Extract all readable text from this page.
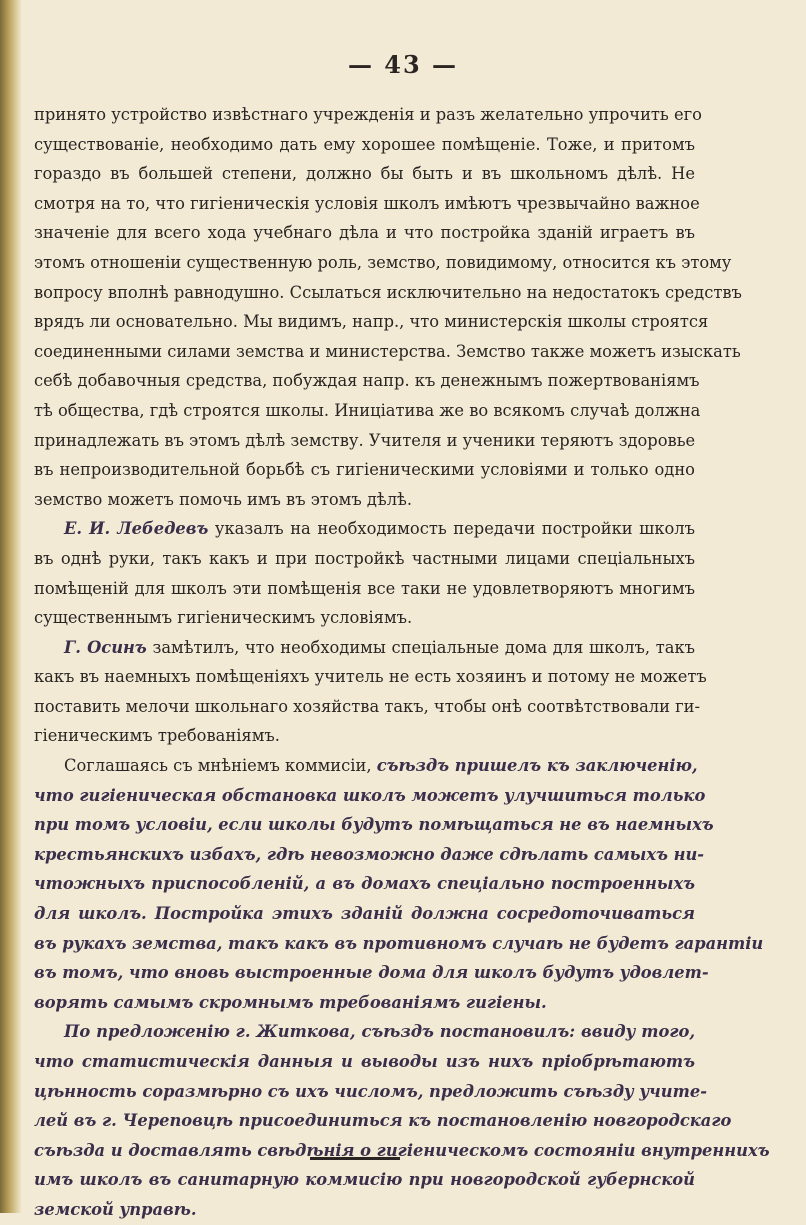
— 43 —
принято устройство извѣстнаго учрежденія и разъ желательно упрочить его
существованіе, необходимо дать ему хорошее помѣщеніе. Тоже, и притомъ
гораздо въ большей степени, должно бы быть и въ школьномъ дѣлѣ. Не
смотря на то, что гигіеническія условія школъ имѣютъ чрезвычайно важное
значеніе для всего хода учебнаго дѣла и что постройка зданій играетъ въ
этомъ отношеніи существенную роль, земство, повидимому, относится къ этому
вопросу вполнѣ равнодушно. Ссылаться исключительно на недостатокъ средствъ
врядъ ли основательно. Мы видимъ, напр., что министерскія школы строятся
соединенными силами земства и министерства. Земство также можетъ изыскать
себѣ добавочныя средства, побуждая напр. къ денежнымъ пожертвованіямъ
тѣ общества, гдѣ строятся школы. Иниціатива же во всякомъ случаѣ должна
принадлежать въ этомъ дѣлѣ земству. Учителя и ученики теряютъ здоровье
въ непроизводительной борьбѣ съ гигіеническими условіями и только одно
земство можетъ помочь имъ въ этомъ дѣлѣ.
Е. И. Лебедевъ указалъ на необходимость передачи постройки школъ
въ однѣ руки, такъ какъ и при постройкѣ частными лицами спеціальныхъ
помѣщеній для школъ эти помѣщенія все таки не удовлетворяютъ многимъ
существеннымъ гигіеническимъ условіямъ.
Г. Осинъ замѣтилъ, что необходимы спеціальные дома для школъ, такъ
какъ въ наемныхъ помѣщеніяхъ учитель не есть хозяинъ и потому не можетъ
поставить мелочи школьнаго хозяйства такъ, чтобы онѣ соотвѣтствовали ги-
гіеническимъ требованіямъ.
Соглашаясь съ мнѣніемъ коммисіи, съѣздъ пришелъ къ заключенію,
что гигіеническая обстановка школъ можетъ улучшиться только
при томъ условіи, если школы будутъ помѣщаться не въ наемныхъ
крестьянскихъ избахъ, гдѣ невозможно даже сдѣлать самыхъ ни-
чтожныхъ приспособленій, а въ домахъ спеціально построенныхъ
для школъ. Постройка этихъ зданій должна сосредоточиваться
въ рукахъ земства, такъ какъ въ противномъ случаѣ не будетъ гарантіи
въ томъ, что вновь выстроенные дома для школъ будутъ удовлет-
ворять самымъ скромнымъ требованіямъ гигіены.
По предложенію г. Житкова, съѣздъ постановилъ: ввиду того,
что статистическія данныя и выводы изъ нихъ пріобрѣтаютъ
цѣнность соразмѣрно съ ихъ числомъ, предложить съѣзду учите-
лей въ г. Череповцѣ присоединиться къ постановленію новгородскаго
съѣзда и доставлять свѣдѣнія о гигіеническомъ состояніи внутреннихъ
имъ школъ въ санитарную коммисію при новгородской губернской
земской управѣ.
